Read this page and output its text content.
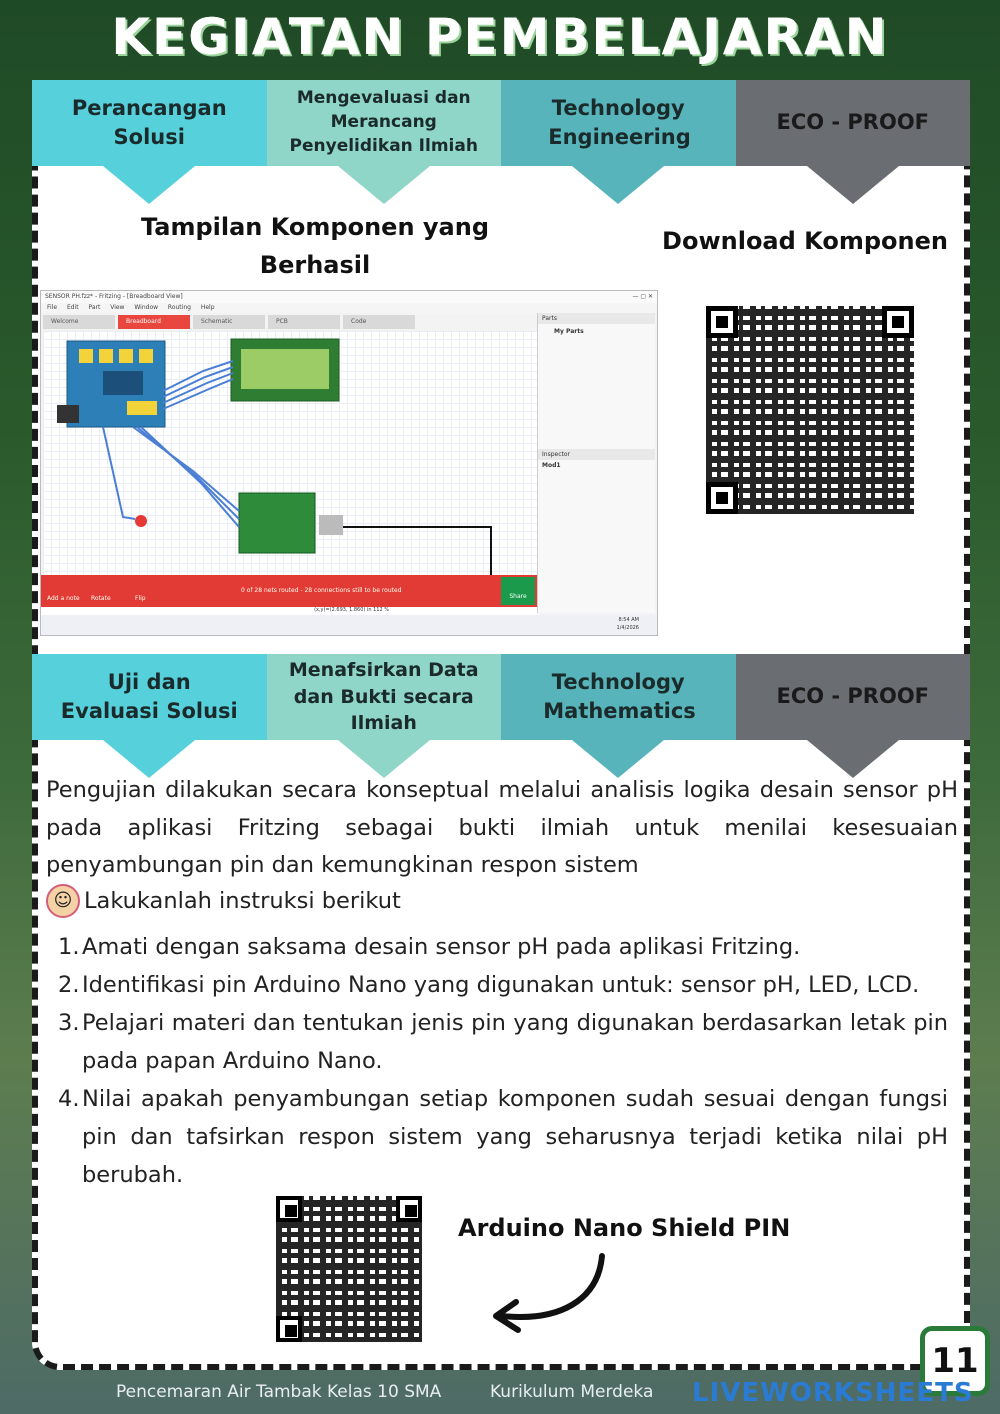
KEGIATAN PEMBELAJARAN
Perancangan Solusi
Mengevaluasi dan Merancang Penyelidikan Ilmiah
Technology Engineering
ECO - PROOF
Tampilan Komponen yang Berhasil
Download Komponen
SENSOR PH.fzz* - Fritzing - [Breadboard View]	— ▢ ✕
File Edit Part View Window Routing Help
Welcome	Breadboard	Schematic	PCB	Code
Add a note Rotate	Flip
0 of 28 nets routed - 28 connections still to be routed
Share
(x,y)=(2.693, 1.860) in 112 %
Parts
My Parts
Inspector
Mod1
8:54 AM
1/4/2026
Uji dan Evaluasi Solusi
Menafsirkan Data dan Bukti secara Ilmiah
Technology Mathematics
ECO - PROOF
Pengujian dilakukan secara konseptual melalui analisis logika desain sensor pH pada aplikasi Fritzing sebagai bukti ilmiah untuk menilai kesesuaian penyambungan pin dan kemungkinan respon sistem
☺ Lakukanlah instruksi berikut
1. Amati dengan saksama desain sensor pH pada aplikasi Fritzing.
2. Identifikasi pin Arduino Nano yang digunakan untuk: sensor pH, LED, LCD.
3. Pelajari materi dan tentukan jenis pin yang digunakan berdasarkan letak pin pada papan Arduino Nano.
4. Nilai apakah penyambungan setiap komponen sudah sesuai dengan fungsi pin dan tafsirkan respon sistem yang seharusnya terjadi ketika nilai pH berubah.
Arduino Nano Shield PIN
11
Pencemaran Air Tambak Kelas 10 SMA	Kurikulum Merdeka LIVEWORKSHEETS
